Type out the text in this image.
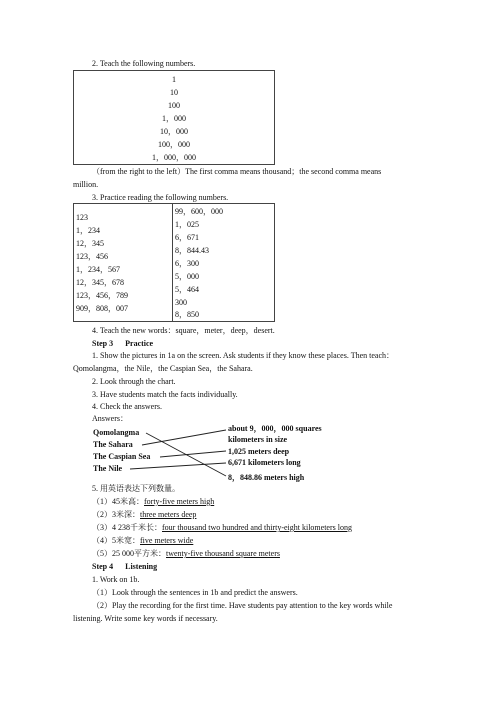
2. Teach the following numbers.
1
10
100
1，000
10，000
100，000
1，000，000
（from the right to the left）The first comma means thousand；the second comma means
million.
3. Practice reading the following numbers.
123
1，234
12，345
123，456
1，234，567
12，345，678
123，456，789
909，808，007
99，600，000
1，025
6，671
8，844.43
6，300
5，000
5，464
300
8，850
4. Teach the new words：square，meter，deep，desert.
Step 3 Practice
1. Show the pictures in 1a on the screen. Ask students if they know these places. Then teach：
Qomolangma，the Nile，the Caspian Sea，the Sahara.
2. Look through the chart.
3. Have students match the facts individually.
4. Check the answers.
Answers：
Qomolangma
The Sahara
The Caspian Sea
The Nile
about 9，000，000 squares
kilometers in size
1,025 meters deep
6,671 kilometers long
8，848.86 meters high
5. 用英语表达下列数量。
（1）45米高：forty-five meters high
（2）3米深：three meters deep
（3）4 238千米长：four thousand two hundred and thirty-eight kilometers long
（4）5米宽：five meters wide
（5）25 000平方米：twenty-five thousand square meters
Step 4 Listening
1. Work on 1b.
（1）Look through the sentences in 1b and predict the answers.
（2）Play the recording for the first time. Have students pay attention to the key words while
listening. Write some key words if necessary.
